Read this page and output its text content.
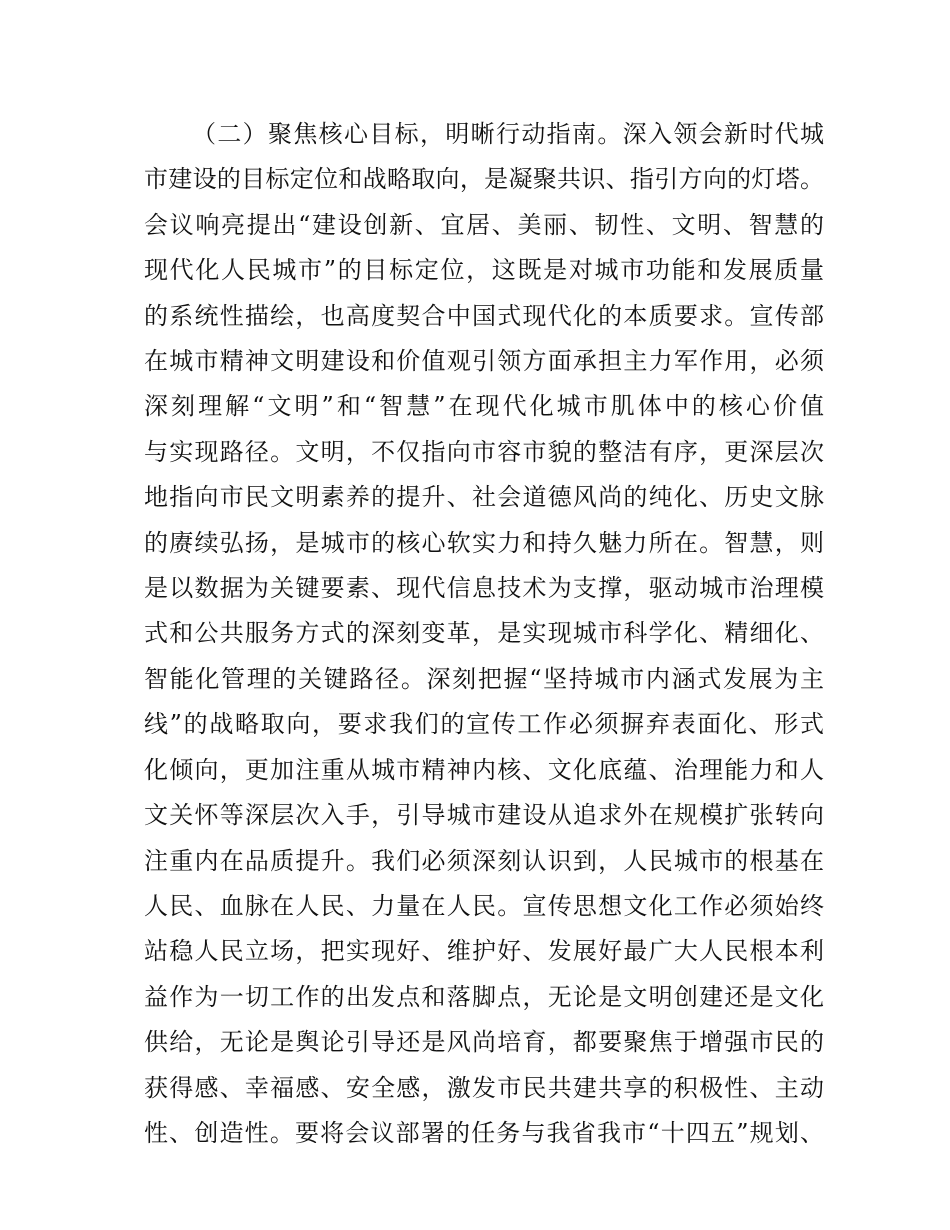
（二）聚焦核心目标，明晰行动指南。深入领会新时代城
市建设的目标定位和战略取向，是凝聚共识、指引方向的灯塔。
会议响亮提出“建设创新、宜居、美丽、韧性、文明、智慧的
现代化人民城市”的目标定位，这既是对城市功能和发展质量
的系统性描绘，也高度契合中国式现代化的本质要求。宣传部
在城市精神文明建设和价值观引领方面承担主力军作用，必须
深刻理解“文明”和“智慧”在现代化城市肌体中的核心价值
与实现路径。文明，不仅指向市容市貌的整洁有序，更深层次
地指向市民文明素养的提升、社会道德风尚的纯化、历史文脉
的赓续弘扬，是城市的核心软实力和持久魅力所在。智慧，则
是以数据为关键要素、现代信息技术为支撑，驱动城市治理模
式和公共服务方式的深刻变革，是实现城市科学化、精细化、
智能化管理的关键路径。深刻把握“坚持城市内涵式发展为主
线”的战略取向，要求我们的宣传工作必须摒弃表面化、形式
化倾向，更加注重从城市精神内核、文化底蕴、治理能力和人
文关怀等深层次入手，引导城市建设从追求外在规模扩张转向
注重内在品质提升。我们必须深刻认识到，人民城市的根基在
人民、血脉在人民、力量在人民。宣传思想文化工作必须始终
站稳人民立场，把实现好、维护好、发展好最广大人民根本利
益作为一切工作的出发点和落脚点，无论是文明创建还是文化
供给，无论是舆论引导还是风尚培育，都要聚焦于增强市民的
获得感、幸福感、安全感，激发市民共建共享的积极性、主动
性、创造性。要将会议部署的任务与我省我市“十四五”规划、
